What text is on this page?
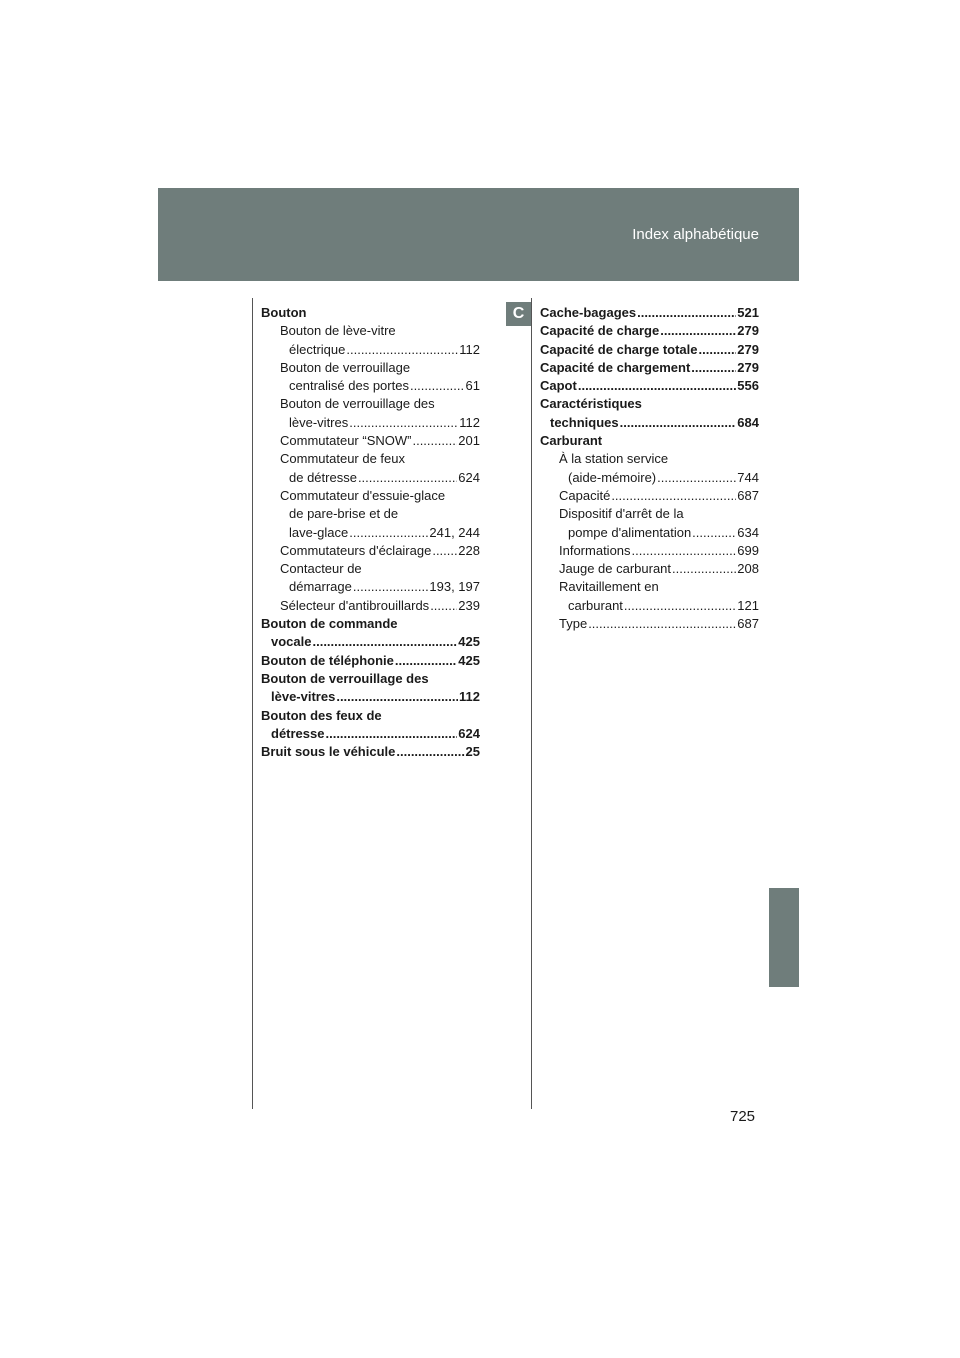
Index alphabétique
C
Bouton
Bouton de lève-vitre
électrique .....	112
Bouton de verrouillage
centralisé des portes .....	61
Bouton de verrouillage des
lève-vitres .....	112
Commutateur “SNOW” .....	201
Commutateur de feux
de détresse .....	624
Commutateur d'essuie-glace
de pare-brise et de
lave-glace .....	241, 244
Commutateurs d'éclairage ..... 228
Contacteur de
démarrage .....	193, 197
Sélecteur d'antibrouillards ..... 239
Bouton de commande
vocale .....	425
Bouton de téléphonie .....	425
Bouton de verrouillage des
lève-vitres .....	112
Bouton des feux de
détresse .....	624
Bruit sous le véhicule .....	25
Cache-bagages .....	521
Capacité de charge .....	279
Capacité de charge totale .....	279
Capacité de chargement .....	279
Capot .....	556
Caractéristiques
techniques .....	684
Carburant
À la station service
(aide-mémoire) .....	744
Capacité .....	687
Dispositif d'arrêt de la
pompe d'alimentation .....	634
Informations .....	699
Jauge de carburant .....	208
Ravitaillement en
carburant .....	121
Type .....	687
725
